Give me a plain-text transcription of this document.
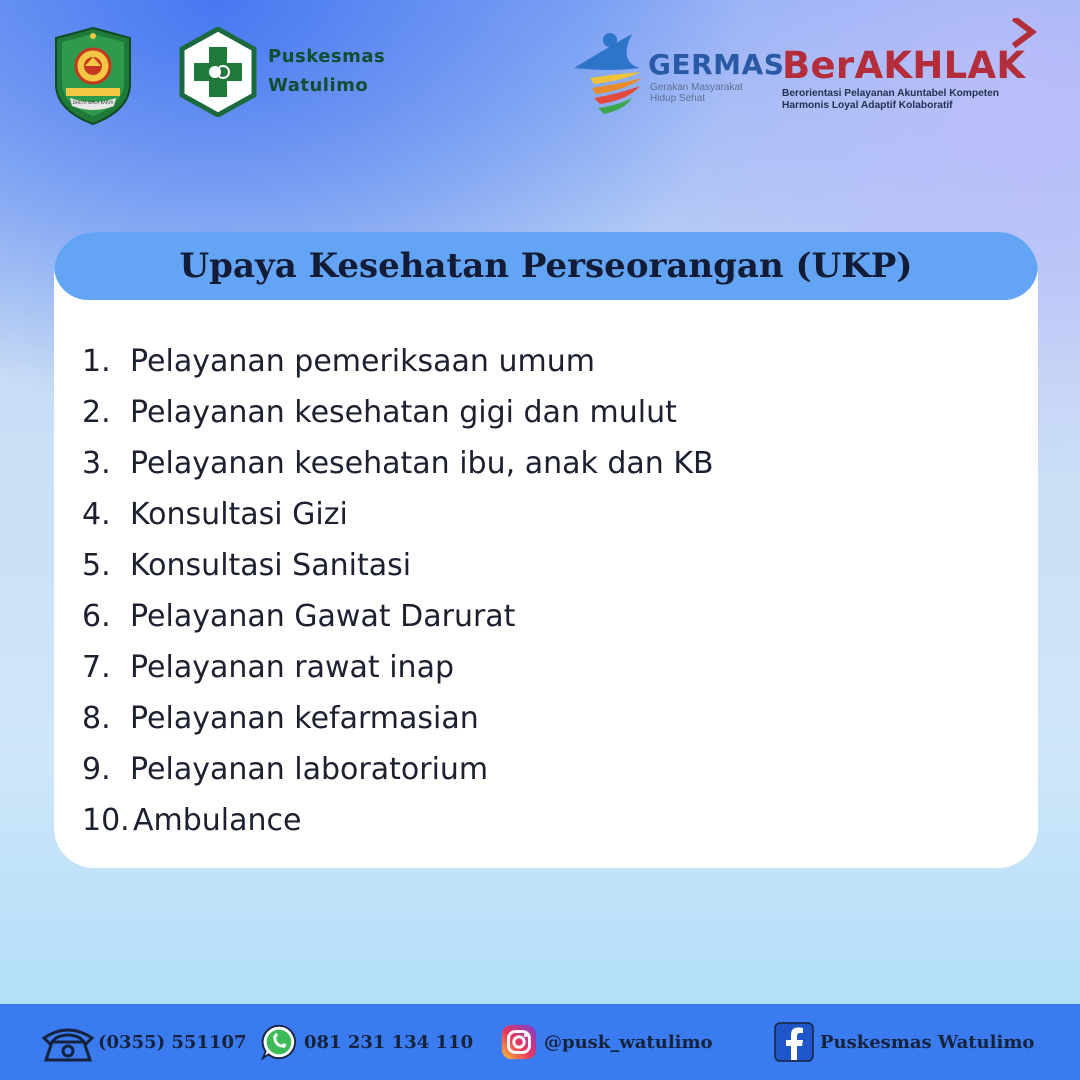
DHUTA WALA KARYA
Puskesmas
Watulimo
GERMAS
Gerakan Masyarakat
Hidup Sehat
BerAKHLAK
Berorientasi Pelayanan Akuntabel Kompeten
Harmonis Loyal Adaptif Kolaboratif
Upaya Kesehatan Perseorangan (UKP)
1. Pelayanan pemeriksaan umum
2. Pelayanan kesehatan gigi dan mulut
3. Pelayanan kesehatan ibu, anak dan KB
4. Konsultasi Gizi
5. Konsultasi Sanitasi
6. Pelayanan Gawat Darurat
7. Pelayanan rawat inap
8. Pelayanan kefarmasian
9. Pelayanan laboratorium
10. Ambulance
(0355) 551107	081 231 134 110	@pusk_watulimo	Puskesmas Watulimo
